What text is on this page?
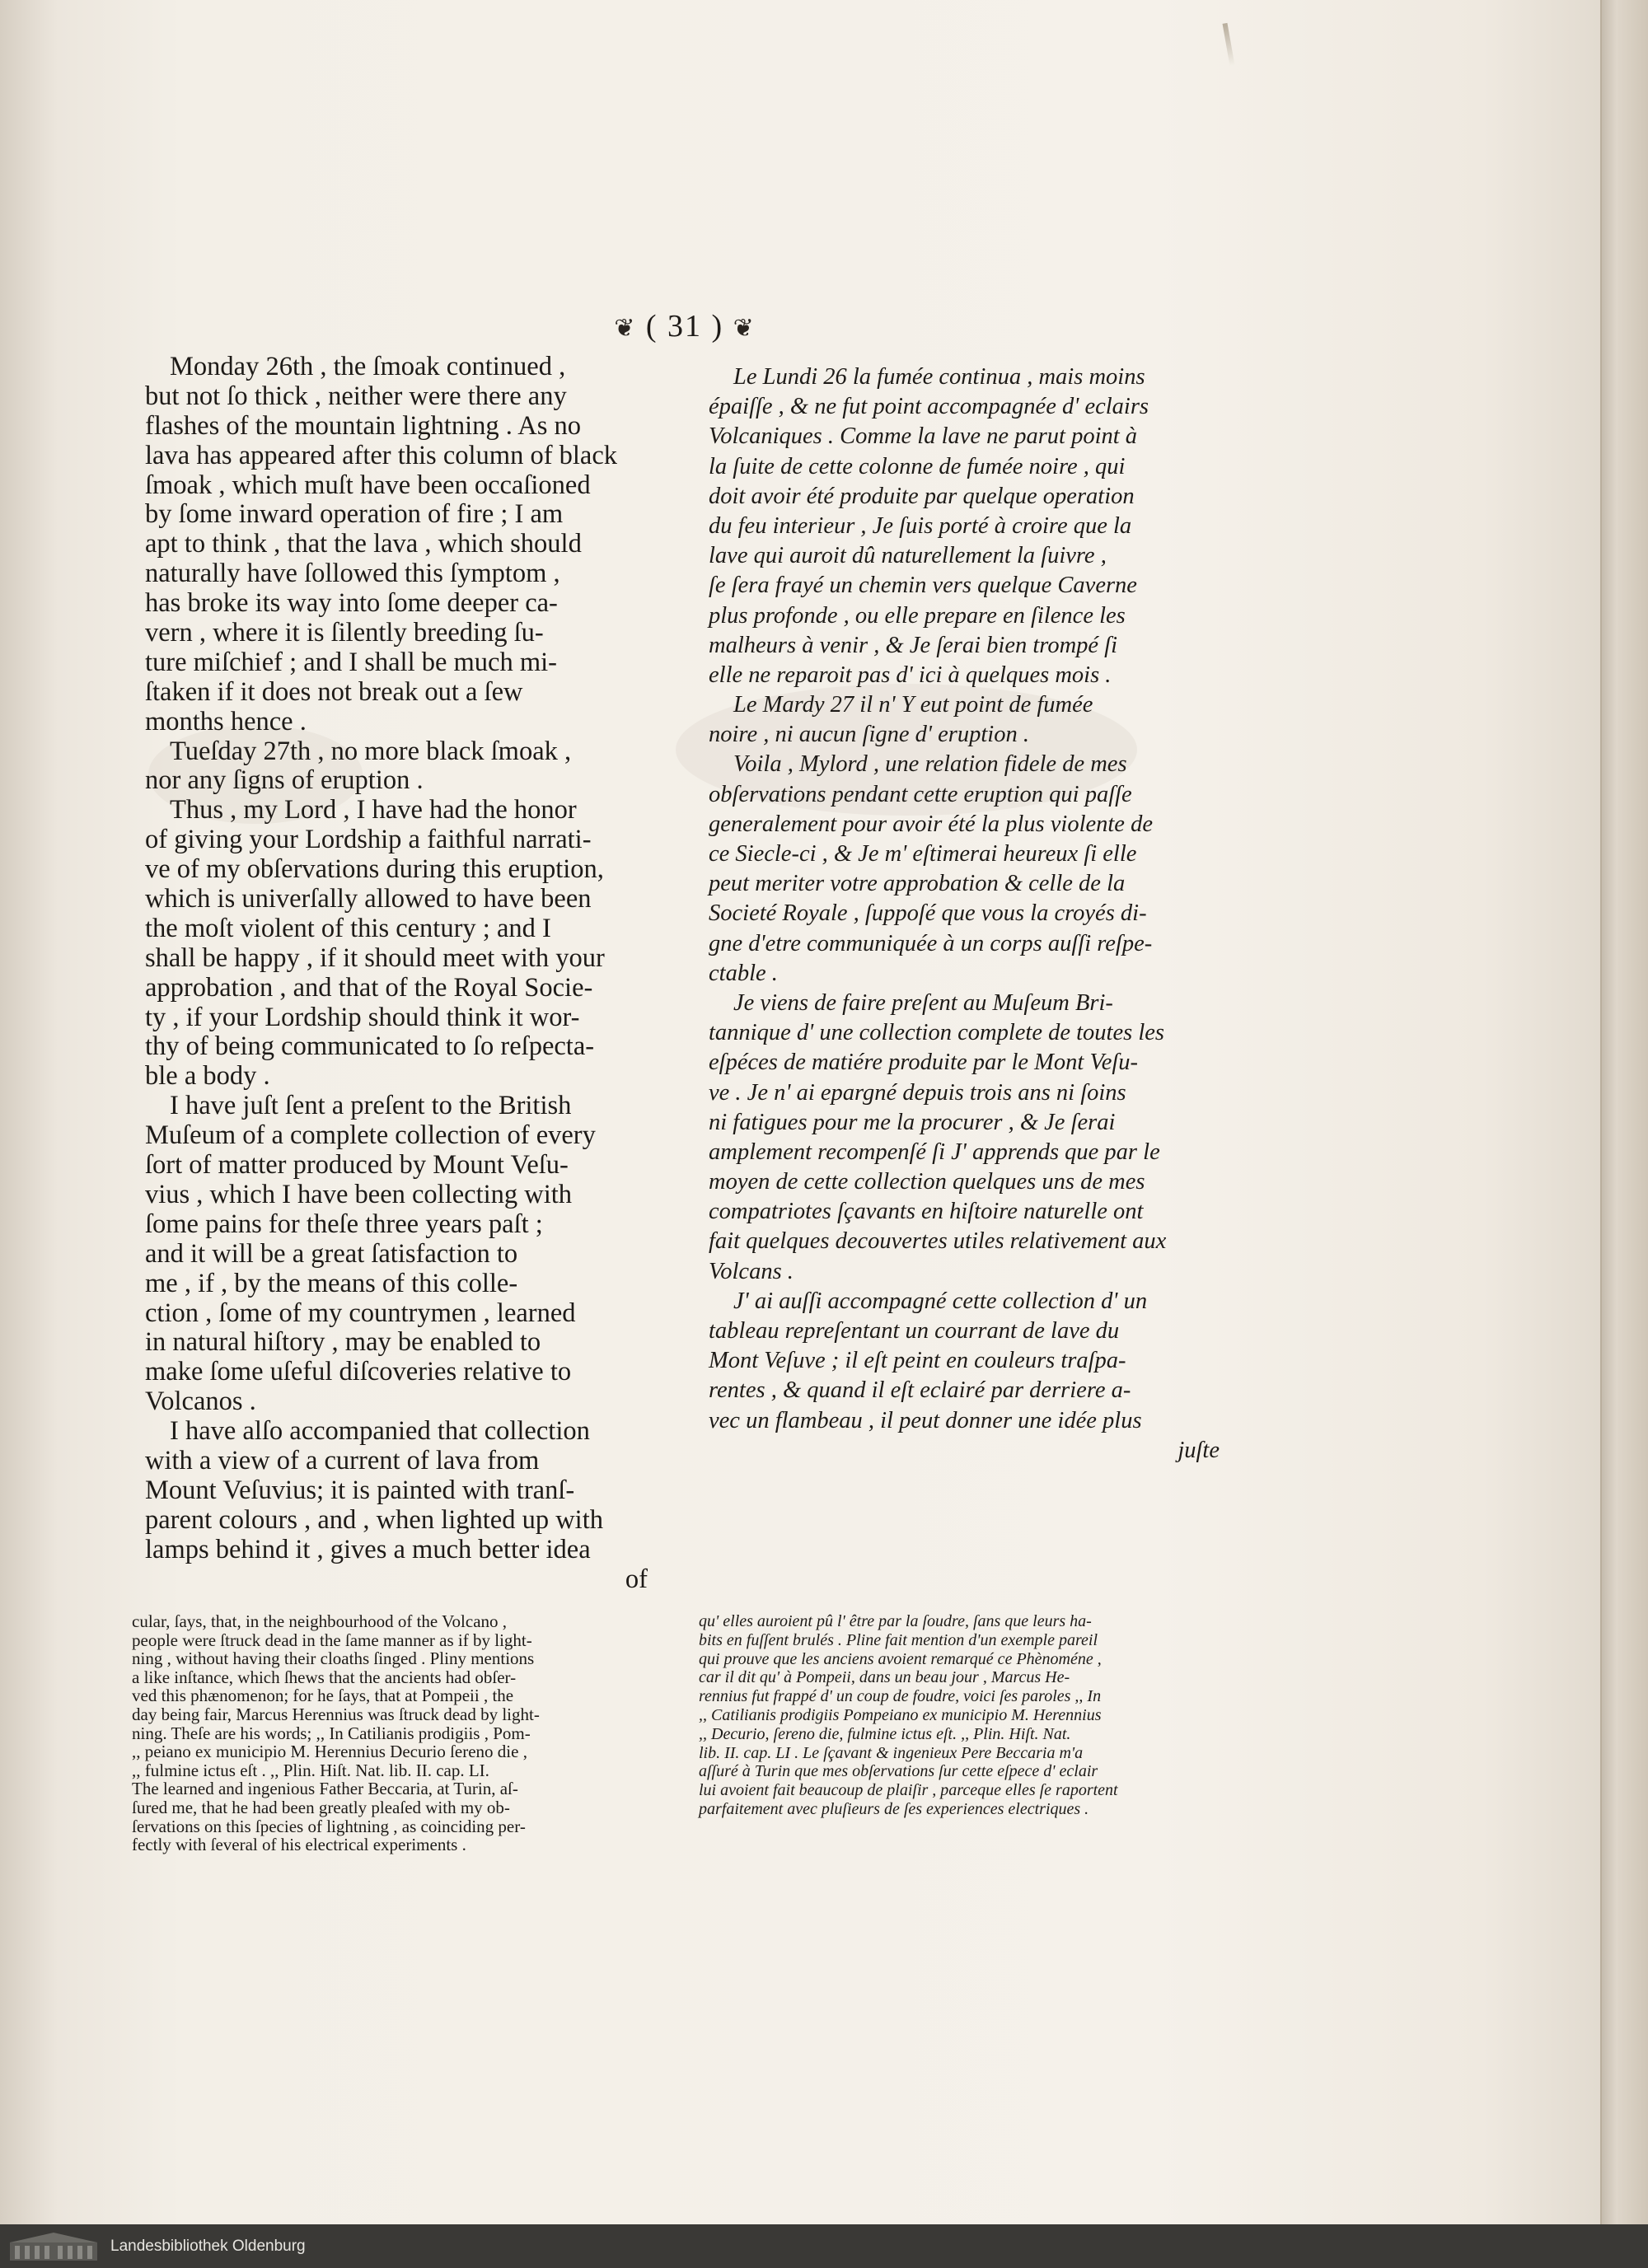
❦ ( 31 ) ❦
Monday 26th , the ſmoak continued ,
but not ſo thick , neither were there any
flashes of the mountain lightning . As no
lava has appeared after this column of black
ſmoak , which muſt have been occaſioned
by ſome inward operation of fire ; I am
apt to think , that the lava , which should
naturally have ſollowed this ſymptom ,
has broke its way into ſome deeper ca-
vern , where it is ſilently breeding ſu-
ture miſchief ; and I shall be much mi-
ſtaken if it does not break out a ſew
months hence .
Tueſday 27th , no more black ſmoak ,
nor any ſigns of eruption .
Thus , my Lord , I have had the honor
of giving your Lordship a faithful narrati-
ve of my obſervations during this eruption,
which is univerſally allowed to have been
the moſt violent of this century ; and I
shall be happy , if it should meet with your
approbation , and that of the Royal Socie-
ty , if your Lordship should think it wor-
thy of being communicated to ſo reſpecta-
ble a body .
I have juſt ſent a preſent to the British
Muſeum of a complete collection of every
ſort of matter produced by Mount Veſu-
vius , which I have been collecting with
ſome pains for theſe three years paſt ;
and it will be a great ſatisfaction to
me , if , by the means of this colle-
ction , ſome of my countrymen , learned
in natural hiſtory , may be enabled to
make ſome uſeful diſcoveries relative to
Volcanos .
I have alſo accompanied that collection
with a view of a current of lava from
Mount Veſuvius; it is painted with tranſ-
parent colours , and , when lighted up with
lamps behind it , gives a much better idea
of
Le Lundi 26 la fumée continua , mais moins
épaiſſe , & ne fut point accompagnée d' eclairs
Volcaniques . Comme la lave ne parut point à
la ſuite de cette colonne de fumée noire , qui
doit avoir été produite par quelque operation
du feu interieur , Je ſuis porté à croire que la
lave qui auroit dû naturellement la ſuivre ,
ſe ſera frayé un chemin vers quelque Caverne
plus profonde , ou elle prepare en ſilence les
malheurs à venir , & Je ſerai bien trompé ſi
elle ne reparoit pas d' ici à quelques mois .
Le Mardy 27 il n' Y eut point de fumée
noire , ni aucun ſigne d' eruption .
Voila , Mylord , une relation fidele de mes
obſervations pendant cette eruption qui paſſe
generalement pour avoir été la plus violente de
ce Siecle-ci , & Je m' eſtimerai heureux ſi elle
peut meriter votre approbation & celle de la
Societé Royale , ſuppoſé que vous la croyés di-
gne d'etre communiquée à un corps auſſi reſpe-
ctable .
Je viens de faire preſent au Muſeum Bri-
tannique d' une collection complete de toutes les
eſpéces de matiére produite par le Mont Veſu-
ve . Je n' ai epargné depuis trois ans ni ſoins
ni fatigues pour me la procurer , & Je ſerai
amplement recompenſé ſi J' apprends que par le
moyen de cette collection quelques uns de mes
compatriotes ſçavants en hiſtoire naturelle ont
fait quelques decouvertes utiles relativement aux
Volcans .
J' ai auſſi accompagné cette collection d' un
tableau repreſentant un courrant de lave du
Mont Veſuve ; il eſt peint en couleurs traſpa-
rentes , & quand il eſt eclairé par derriere a-
vec un flambeau , il peut donner une idée plus
juſte
cular, ſays, that, in the neighbourhood of the Volcano ,
people were ſtruck dead in the ſame manner as if by light-
ning , without having their cloaths ſinged . Pliny mentions
a like inſtance, which ſhews that the ancients had obſer-
ved this phænomenon; for he ſays, that at Pompeii , the
day being fair, Marcus Herennius was ſtruck dead by light-
ning. Theſe are his words; ,, In Catilianis prodigiis , Pom-
,, peiano ex municipio M. Herennius Decurio ſereno die ,
,, fulmine ictus eſt . ,, Plin. Hiſt. Nat. lib. II. cap. LI.
The learned and ingenious Father Beccaria, at Turin, aſ-
ſured me, that he had been greatly pleaſed with my ob-
ſervations on this ſpecies of lightning , as coinciding per-
fectly with ſeveral of his electrical experiments .
qu' elles auroient pû l' être par la ſoudre, ſans que leurs ha-
bits en fuſſent brulés . Pline fait mention d'un exemple pareil
qui prouve que les anciens avoient remarqué ce Phènoméne ,
car il dit qu' à Pompeii, dans un beau jour , Marcus He-
rennius fut frappé d' un coup de foudre, voici ſes paroles ,, In
,, Catilianis prodigiis Pompeiano ex municipio M. Herennius
,, Decurio, ſereno die, fulmine ictus eſt. ,, Plin. Hiſt. Nat.
lib. II. cap. LI . Le ſçavant & ingenieux Pere Beccaria m'a
aſſuré à Turin que mes obſervations ſur cette eſpece d' eclair
lui avoient fait beaucoup de plaiſir , parceque elles ſe raportent
parfaitement avec pluſieurs de ſes experiences electriques .
Landesbibliothek Oldenburg
